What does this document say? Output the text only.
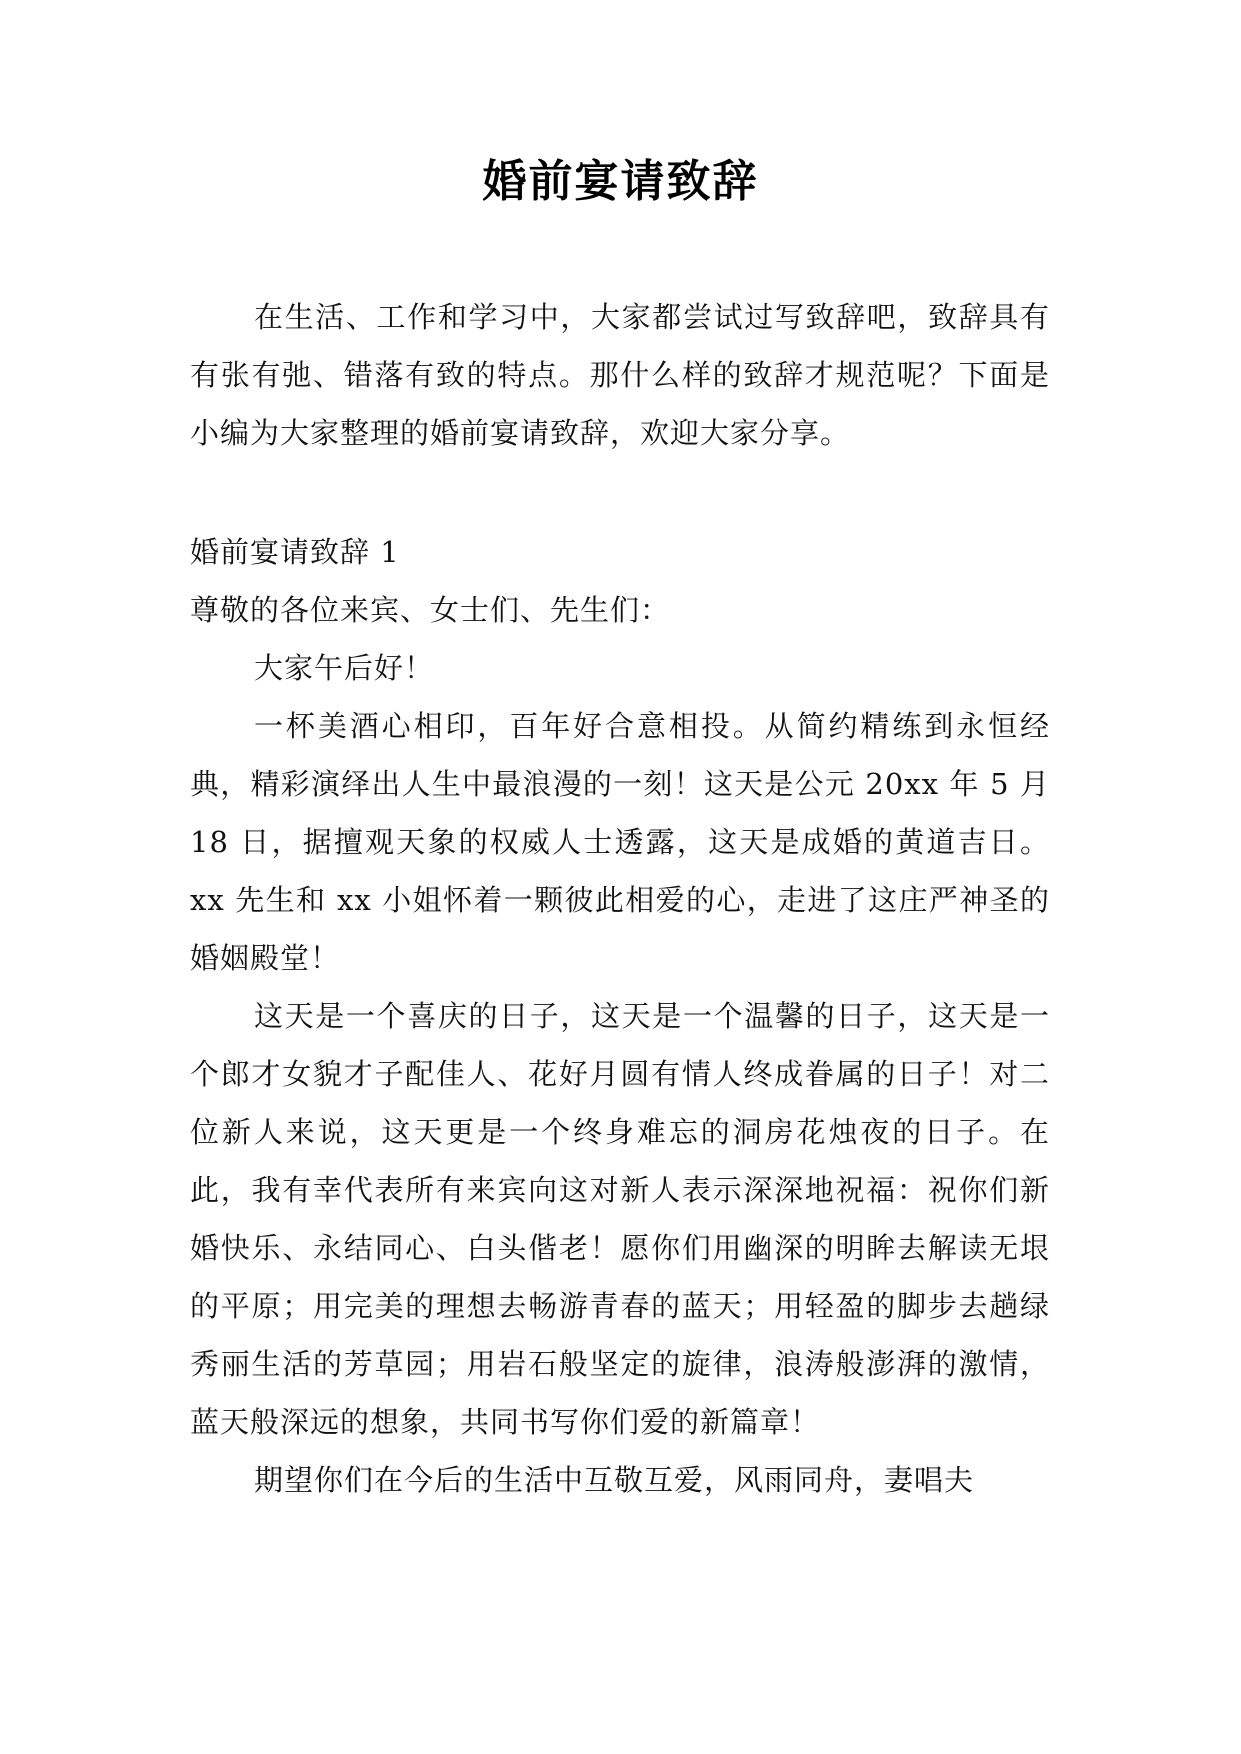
婚前宴请致辞

在生活、工作和学习中，大家都尝试过写致辞吧，致辞具有有张有弛、错落有致的特点。那什么样的致辞才规范呢？下面是小编为大家整理的婚前宴请致辞，欢迎大家分享。

婚前宴请致辞 1

尊敬的各位来宾、女士们、先生们：

大家午后好！

一杯美酒心相印，百年好合意相投。从简约精练到永恒经典，精彩演绎出人生中最浪漫的一刻！这天是公元 20xx 年 5 月 18 日，据擅观天象的权威人士透露，这天是成婚的黄道吉日。xx 先生和 xx 小姐怀着一颗彼此相爱的心，走进了这庄严神圣的婚姻殿堂！

这天是一个喜庆的日子，这天是一个温馨的日子，这天是一个郎才女貌才子配佳人、花好月圆有情人终成眷属的日子！对二位新人来说，这天更是一个终身难忘的洞房花烛夜的日子。在此，我有幸代表所有来宾向这对新人表示深深地祝福：祝你们新婚快乐、永结同心、白头偕老！愿你们用幽深的明眸去解读无垠的平原；用完美的理想去畅游青春的蓝天；用轻盈的脚步去趟绿秀丽生活的芳草园；用岩石般坚定的旋律，浪涛般澎湃的激情，蓝天般深远的想象，共同书写你们爱的新篇章！

期望你们在今后的生活中互敬互爱，风雨同舟，妻唱夫
